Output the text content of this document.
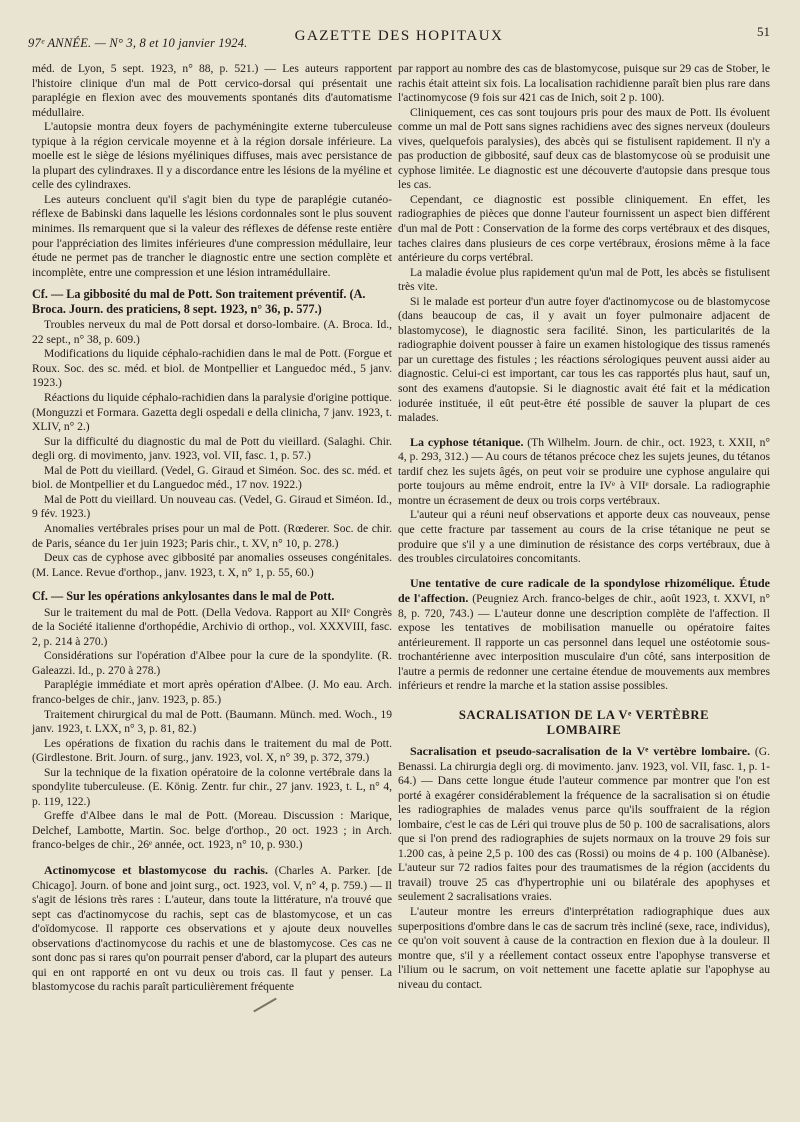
97ᵉ ANNÉE. — N° 3, 8 et 10 janvier 1924.	GAZETTE DES HOPITAUX	51

méd. de Lyon, 5 sept. 1923, n° 88, p. 521.) — Les auteurs rapportent l'histoire clinique d'un mal de Pott cervico-dorsal qui présentait une paraplégie en flexion avec des mouvements spontanés dits d'automatisme médullaire.

L'autopsie montra deux foyers de pachyméningite externe tuberculeuse typique à la région cervicale moyenne et à la région dorsale inférieure. La moelle est le siège de lésions myéliniques diffuses, mais avec persistance de la plupart des cylindraxes. Il y a discordance entre les lésions de la myéline et celle des cylindraxes.

Les auteurs concluent qu'il s'agit bien du type de paraplégie cutanéo-réflexe de Babinski dans laquelle les lésions cordonnales sont le plus souvent minimes. Ils remarquent que si la valeur des réflexes de défense reste entière pour l'appréciation des limites inférieures d'une compression médullaire, leur étude ne permet pas de trancher le diagnostic entre une section complète et incomplète, entre une compression et une lésion intramédullaire.

Cf. — La gibbosité du mal de Pott. Son traitement préventif. (A. Broca. Journ. des praticiens, 8 sept. 1923, n° 36, p. 577.)

Troubles nerveux du mal de Pott dorsal et dorso-lombaire. (A. Broca. Id., 22 sept., n° 38, p. 609.)

Modifications du liquide céphalo-rachidien dans le mal de Pott. (Forgue et Roux. Soc. des sc. méd. et biol. de Montpellier et Languedoc méd., 5 janv. 1923.)

Réactions du liquide céphalo-rachidien dans la paralysie d'origine pottique. (Monguzzi et Formara. Gazetta degli ospedali e della clinicha, 7 janv. 1923, t. XLIV, n° 2.)

Sur la difficulté du diagnostic du mal de Pott du vieillard. (Salaghi. Chir. degli org. di movimento, janv. 1923, vol. VII, fasc. 1, p. 57.)

Mal de Pott du vieillard. (Vedel, G. Giraud et Siméon. Soc. des sc. méd. et biol. de Montpellier et du Languedoc méd., 17 nov. 1922.)

Mal de Pott du vieillard. Un nouveau cas. (Vedel, G. Giraud et Siméon. Id., 9 fév. 1923.)

Anomalies vertébrales prises pour un mal de Pott. (Rœderer. Soc. de chir. de Paris, séance du 1er juin 1923; Paris chir., t. XV, n° 10, p. 278.)

Deux cas de cyphose avec gibbosité par anomalies osseuses congénitales. (M. Lance. Revue d'orthop., janv. 1923, t. X, n° 1, p. 55, 60.)

Cf. — Sur les opérations ankylosantes dans le mal de Pott.

Sur le traitement du mal de Pott. (Della Vedova. Rapport au XIIᵉ Congrès de la Société italienne d'orthopédie, Archivio di orthop., vol. XXXVIII, fasc. 2, p. 214 à 270.)

Considérations sur l'opération d'Albee pour la cure de la spondylite. (R. Galeazzi. Id., p. 270 à 278.)

Paraplégie immédiate et mort après opération d'Albee. (J. Mo eau. Arch. franco-belges de chir., janv. 1923, p. 85.)

Traitement chirurgical du mal de Pott. (Baumann. Münch. med. Woch., 19 janv. 1923, t. LXX, n° 3, p. 81, 82.)

Les opérations de fixation du rachis dans le traitement du mal de Pott. (Girdlestone. Brit. Journ. of surg., janv. 1923, vol. X, n° 39, p. 372, 379.)

Sur la technique de la fixation opératoire de la colonne vertébrale dans la spondylite tuberculeuse. (E. König. Zentr. fur chir., 27 janv. 1923, t. L, n° 4, p. 119, 122.)

Greffe d'Albee dans le mal de Pott. (Moreau. Discussion : Marique, Delchef, Lambotte, Martin. Soc. belge d'orthop., 20 oct. 1923 ; in Arch. franco-belges de chir., 26ᵉ année, oct. 1923, n° 10, p. 930.)

Actinomycose et blastomycose du rachis. (Charles A. Parker. [de Chicago]. Journ. of bone and joint surg., oct. 1923, vol. V, n° 4, p. 759.) — Il s'agit de lésions très rares : L'auteur, dans toute la littérature, n'a trouvé que sept cas d'actinomycose du rachis, sept cas de blastomycose, et un cas d'oïdomycose. Il rapporte ces observations et y ajoute deux nouvelles observations d'actinomycose du rachis et une de blastomycose. Ces cas ne sont donc pas si rares qu'on pourrait penser d'abord, car la plupart des auteurs qui en ont rapporté en ont vu deux ou trois cas. Il faut y penser. La blastomycose du rachis paraît particulièrement fréquente

par rapport au nombre des cas de blastomycose, puisque sur 29 cas de Stober, le rachis était atteint six fois. La localisation rachidienne paraît bien plus rare dans l'actinomycose (9 fois sur 421 cas de Inich, soit 2 p. 100).

Cliniquement, ces cas sont toujours pris pour des maux de Pott. Ils évoluent comme un mal de Pott sans signes rachidiens avec des signes nerveux (douleurs vives, quelquefois paralysies), des abcès qui se fistulisent rapidement. Il n'y a pas production de gibbosité, sauf deux cas de blastomycose où se produisit une cyphose limitée. Le diagnostic est une découverte d'autopsie dans presque tous les cas.

Cependant, ce diagnostic est possible cliniquement. En effet, les radiographies de pièces que donne l'auteur fournissent un aspect bien différent d'un mal de Pott : Conservation de la forme des corps vertébraux et des disques, taches claires dans plusieurs de ces corpe vertébraux, érosions même à la face antérieure du corps vertébral.

La maladie évolue plus rapidement qu'un mal de Pott, les abcès se fistulisent très vite.

Si le malade est porteur d'un autre foyer d'actinomycose ou de blastomycose (dans beaucoup de cas, il y avait un foyer pulmonaire adjacent de blastomycose), le diagnostic sera facilité. Sinon, les particularités de la radiographie doivent pousser à faire un examen histologique des tissus ramenés par un curettage des fistules ; les réactions sérologiques peuvent aussi aider au diagnostic. Celui-ci est important, car tous les cas rapportés plus haut, sauf un, sont des examens d'autopsie. Si le diagnostic avait été fait et la médication iodurée instituée, il eût peut-être été possible de sauver la plupart de ces malades.

La cyphose tétanique. (Th Wilhelm. Journ. de chir., oct. 1923, t. XXII, n° 4, p. 293, 312.) — Au cours de tétanos précoce chez les sujets jeunes, du tétanos tardif chez les sujets âgés, on peut voir se produire une cyphose angulaire qui porte toujours au même endroit, entre la IVᵉ à VIIᵉ dorsale. La radiographie montre un écrasement de deux ou trois corps vertébraux.

L'auteur qui a réuni neuf observations et apporte deux cas nouveaux, pense que cette fracture par tassement au cours de la crise tétanique ne peut se produire que s'il y a une diminution de résistance des corps vertébraux, due à des troubles circulatoires concomitants.

Une tentative de cure radicale de la spondylose rhizomélique. Étude de l'affection. (Peugniez Arch. franco-belges de chir., août 1923, t. XXVI, n° 8, p. 720, 743.) — L'auteur donne une description complète de l'affection. Il expose les tentatives de mobilisation manuelle ou opératoire faites antérieurement. Il rapporte un cas personnel dans lequel une ostéotomie sous-trochantérienne avec interposition musculaire d'un côté, sans interposition de l'autre a permis de redonner une certaine étendue de mouvements aux membres inférieurs et rendre la marche et la station assise possibles.

SACRALISATION DE LA Vᵉ VERTÈBRE
LOMBAIRE

Sacralisation et pseudo-sacralisation de la Vᵉ vertèbre lombaire. (G. Benassi. La chirurgia degli org. di movimento. janv. 1923, vol. VII, fasc. 1, p. 1-64.) — Dans cette longue étude l'auteur commence par montrer que l'on est porté à exagérer considérablement la fréquence de la sacralisation si on étudie les radiographies de malades venus parce qu'ils souffraient de la région lombaire, c'est le cas de Léri qui trouve plus de 50 p. 100 de sacralisations, alors que si l'on prend des radiographies de sujets normaux on la trouve 29 fois sur 1.200 cas, à peine 2,5 p. 100 des cas (Rossi) ou moins de 4 p. 100 (Albanèse). L'auteur sur 72 radios faites pour des traumatismes de la région (accidents du travail) trouve 25 cas d'hypertrophie uni ou bilatérale des apophyses et seulement 2 sacralisations vraies.

L'auteur montre les erreurs d'interprétation radiographique dues aux superpositions d'ombre dans le cas de sacrum très incliné (sexe, race, individus), ce qu'on voit souvent à cause de la contraction en flexion due à la douleur. Il montre que, s'il y a réellement contact osseux entre l'apophyse transverse et l'ilium ou le sacrum, on voit nettement une facette aplatie sur l'apophyse au niveau du contact.
